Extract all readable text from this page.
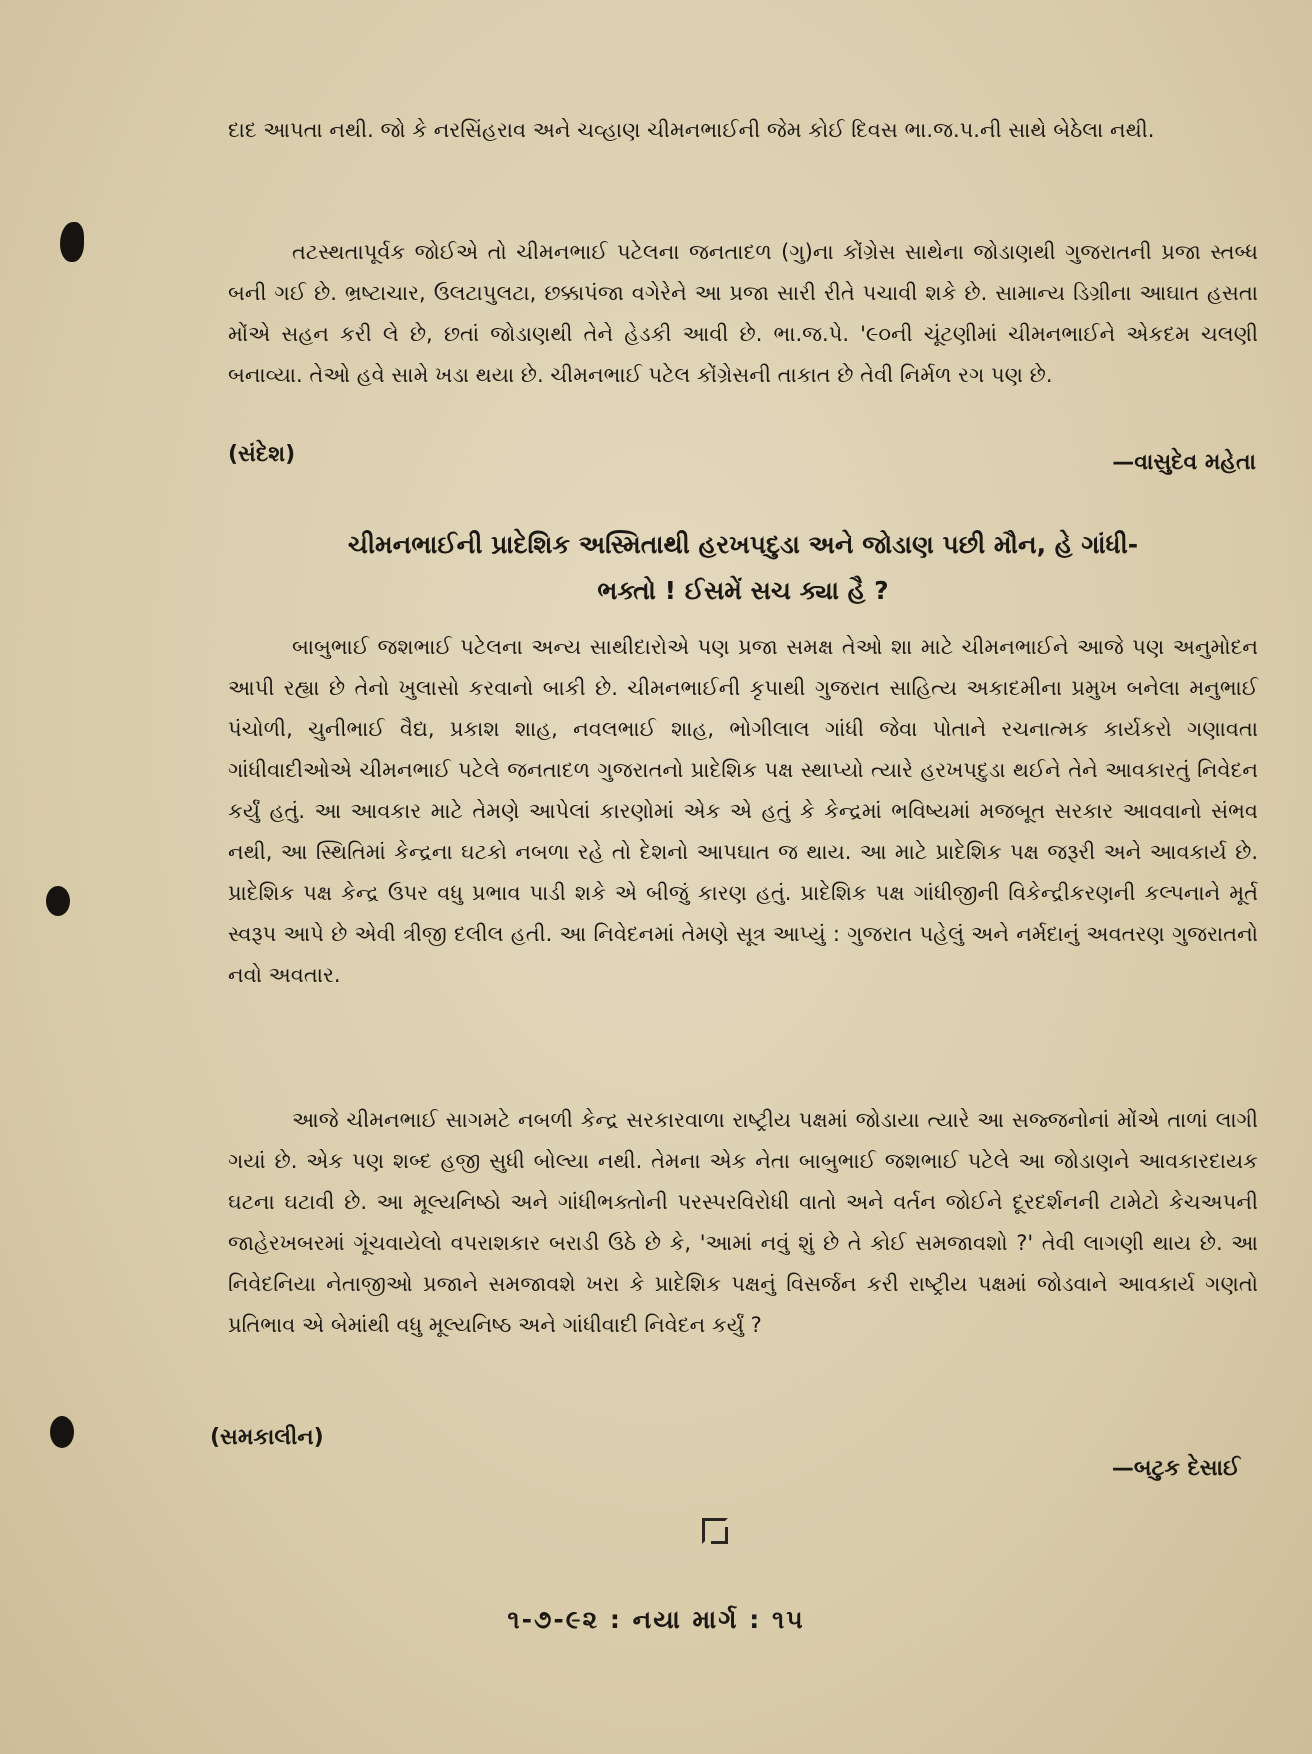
દાદ આપતા નથી. જો કે નરસિંહરાવ અને ચવ્હાણ ચીમનભાઈની જેમ કોઈ દિવસ ભા.જ.પ.ની સાથે બેઠેલા નથી.

તટસ્થતાપૂર્વક જોઈએ તો ચીમનભાઈ પટેલના જનતાદળ (ગુ)ના કોંગ્રેસ સાથેના જોડાણથી ગુજરાતની પ્રજા સ્તબ્ધ બની ગઈ છે. ભ્રષ્ટાચાર, ઉલટાપુલટા, છક્કાપંજા વગેરેને આ પ્રજા સારી રીતે પચાવી શકે છે. સામાન્ય ડિગ્રીના આઘાત હસતા મોંએ સહન કરી લે છે, છતાં જોડાણથી તેને હેડકી આવી છે. ભા.જ.પે. '૯૦ની ચૂંટણીમાં ચીમનભાઈને એકદમ ચલણી બનાવ્યા. તેઓ હવે સામે ખડા થયા છે. ચીમનભાઈ પટેલ કોંગ્રેસની તાકાત છે તેવી નિર્મળ રગ પણ છે.

(સંદેશ)	—વાસુદેવ મહેતા

ચીમનભાઈની પ્રાદેશિક અસ્મિતાથી હરખપદુડા અને જોડાણ પછી મૌન, હે ગાંધી-
ભક્તો ! ઈસમેં સચ ક્યા હૈ ?

બાબુભાઈ જશભાઈ પટેલના અન્ય સાથીદારોએ પણ પ્રજા સમક્ષ તેઓ શા માટે ચીમનભાઈને આજે પણ અનુમોદન આપી રહ્યા છે તેનો ખુલાસો કરવાનો બાકી છે. ચીમનભાઈની કૃપાથી ગુજરાત સાહિત્ય અકાદમીના પ્રમુખ બનેલા મનુભાઈ પંચોળી, ચુનીભાઈ વૈદ્ય, પ્રકાશ શાહ, નવલભાઈ શાહ, ભોગીલાલ ગાંધી જેવા પોતાને રચનાત્મક કાર્યકરો ગણાવતા ગાંધીવાદીઓએ ચીમનભાઈ પટેલે જનતાદળ ગુજરાતનો પ્રાદેશિક પક્ષ સ્થાપ્યો ત્યારે હરખપદુડા થઈને તેને આવકારતું નિવેદન કર્યું હતું. આ આવકાર માટે તેમણે આપેલાં કારણોમાં એક એ હતું કે કેન્દ્રમાં ભવિષ્યમાં મજબૂત સરકાર આવવાનો સંભવ નથી, આ સ્થિતિમાં કેન્દ્રના ઘટકો નબળા રહે તો દેશનો આપઘાત જ થાય. આ માટે પ્રાદેશિક પક્ષ જરૂરી અને આવકાર્ય છે. પ્રાદેશિક પક્ષ કેન્દ્ર ઉપર વધુ પ્રભાવ પાડી શકે એ બીજું કારણ હતું. પ્રાદેશિક પક્ષ ગાંધીજીની વિકેન્દ્રીકરણની કલ્પનાને મૂર્ત સ્વરૂપ આપે છે એવી ત્રીજી દલીલ હતી. આ નિવેદનમાં તેમણે સૂત્ર આપ્યું : ગુજરાત પહેલું અને નર્મદાનું અવતરણ ગુજરાતનો નવો અવતાર.

આજે ચીમનભાઈ સાગમટે નબળી કેન્દ્ર સરકારવાળા રાષ્ટ્રીય પક્ષમાં જોડાયા ત્યારે આ સજ્જનોનાં મોંએ તાળાં લાગી ગયાં છે. એક પણ શબ્દ હજી સુધી બોલ્યા નથી. તેમના એક નેતા બાબુભાઈ જશભાઈ પટેલે આ જોડાણને આવકારદાયક ઘટના ઘટાવી છે. આ મૂલ્યનિષ્ઠો અને ગાંધીભક્તોની પરસ્પરવિરોધી વાતો અને વર્તન જોઈને દૂરદર્શનની ટામેટો કેચઅપની જાહેરખબરમાં ગૂંચવાયેલો વપરાશકાર બરાડી ઉઠે છે કે, 'આમાં નવું શું છે તે કોઈ સમજાવશો ?' તેવી લાગણી થાય છે. આ નિવેદનિયા નેતાજીઓ પ્રજાને સમજાવશે ખરા કે પ્રાદેશિક પક્ષનું વિસર્જન કરી રાષ્ટ્રીય પક્ષમાં જોડવાને આવકાર્ય ગણતો પ્રતિભાવ એ બેમાંથી વધુ મૂલ્યનિષ્ઠ અને ગાંધીવાદી નિવેદન કર્યું ?

(સમકાલીન)
—બટુક દેસાઈ
૧-૭-૯૨ : નયા માર્ગ : ૧૫
